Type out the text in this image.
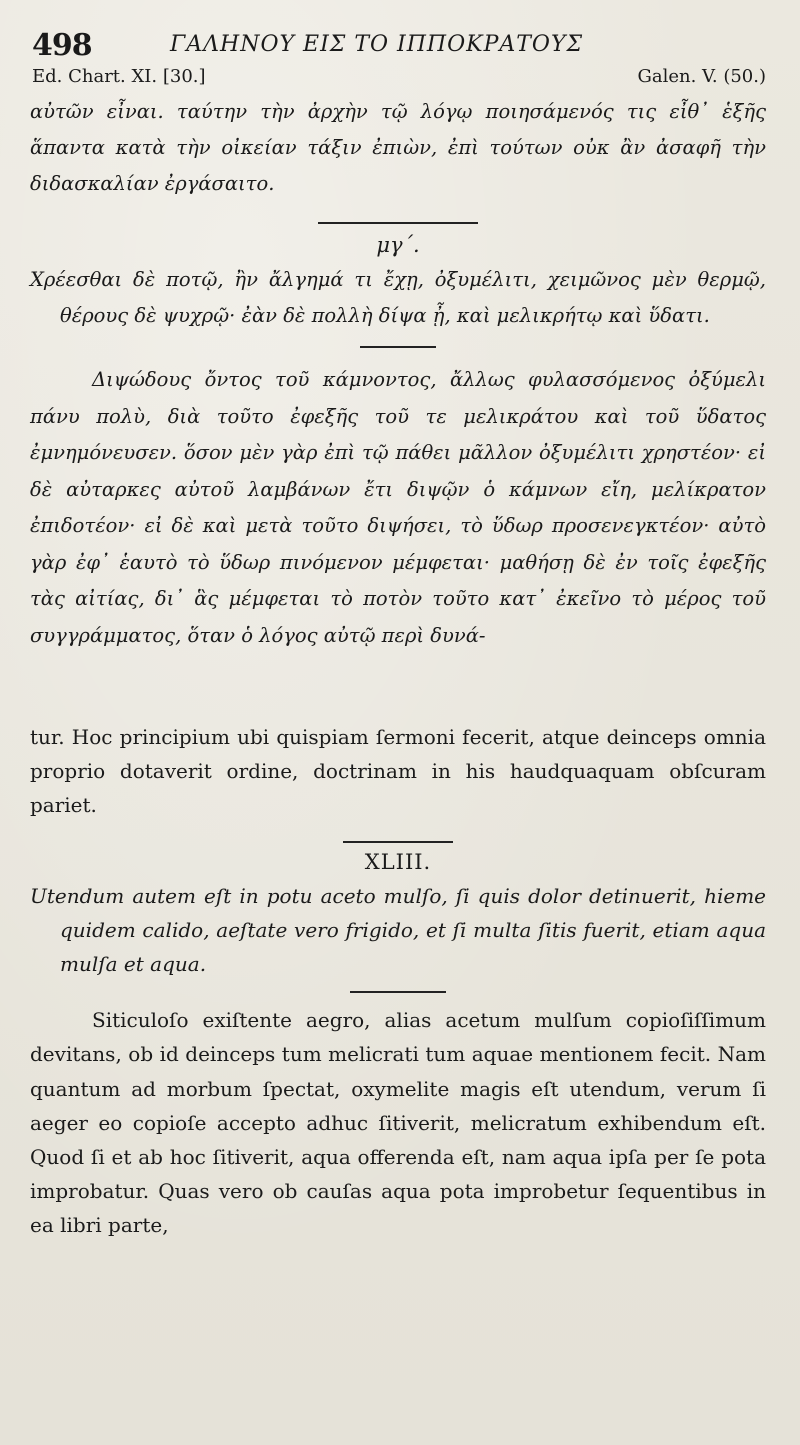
498	ΓΑΛΗΝΟΥ ΕΙΣ ΤΟ ΙΠΠΟΚΡΑΤΟΥΣ
Ed. Chart. XI. [30.]	Galen. V. (50.)

αὐτῶν εἶναι. ταύτην τὴν ἀρχὴν τῷ λόγῳ ποιησάμενός τις εἶθ᾽ ἑξῆς ἅπαντα κατὰ τὴν οἰκείαν τάξιν ἐπιὼν, ἐπὶ τούτων οὐκ ἂν ἀσαφῆ τὴν διδασκαλίαν ἐργάσαιτο.

μγ΄.

Χρέεσθαι δὲ ποτῷ, ἢν ἄλγημά τι ἔχῃ, ὀξυμέλιτι, χειμῶνος μὲν θερμῷ, θέρους δὲ ψυχρῷ· ἐὰν δὲ πολλὴ δίψα ᾖ, καὶ μελικρήτῳ καὶ ὕδατι.

Διψώδους ὄντος τοῦ κάμνοντος, ἄλλως φυλασσόμενος ὀξύμελι πάνυ πολὺ, διὰ τοῦτο ἐφεξῆς τοῦ τε μελικράτου καὶ τοῦ ὕδατος ἐμνημόνευσεν. ὅσον μὲν γὰρ ἐπὶ τῷ πάθει μᾶλλον ὀξυμέλιτι χρηστέον· εἰ δὲ αὐταρκες αὐτοῦ λαμβάνων ἔτι διψῷν ὁ κάμνων εἴη, μελίκρατον ἐπιδοτέον· εἰ δὲ καὶ μετὰ τοῦτο διψήσει, τὸ ὕδωρ προσενεγκτέον· αὐτὸ γὰρ ἐφ᾽ ἑαυτὸ τὸ ὕδωρ πινόμενον μέμφεται· μαθήσῃ δὲ ἐν τοῖς ἐφεξῆς τὰς αἰτίας, δι᾽ ἃς μέμφεται τὸ ποτὸν τοῦτο κατ᾽ ἐκεῖνο τὸ μέρος τοῦ συγγράμματος, ὅταν ὁ λόγος αὐτῷ περὶ δυνά-

tur. Hoc principium ubi quispiam ſermoni fecerit, atque deinceps omnia proprio dotaverit ordine, doctrinam in his haudquaquam obſcuram pariet.

XLIII.

Utendum autem eſt in potu aceto mulſo, ſi quis dolor detinuerit, hieme quidem calido, aeſtate vero frigido, et ſi multa ſitis fuerit, etiam aqua mulſa et aqua.

Siticuloſo exiſtente aegro, alias acetum mulſum copioſiſſimum devitans, ob id deinceps tum melicrati tum aquae mentionem fecit. Nam quantum ad morbum ſpectat, oxymelite magis eſt utendum, verum ſi aeger eo copioſe accepto adhuc ſitiverit, melicratum exhibendum eſt. Quod ſi et ab hoc ſitiverit, aqua offerenda eſt, nam aqua ipſa per ſe pota improbatur. Quas vero ob cauſas aqua pota improbetur ſequentibus in ea libri parte,
